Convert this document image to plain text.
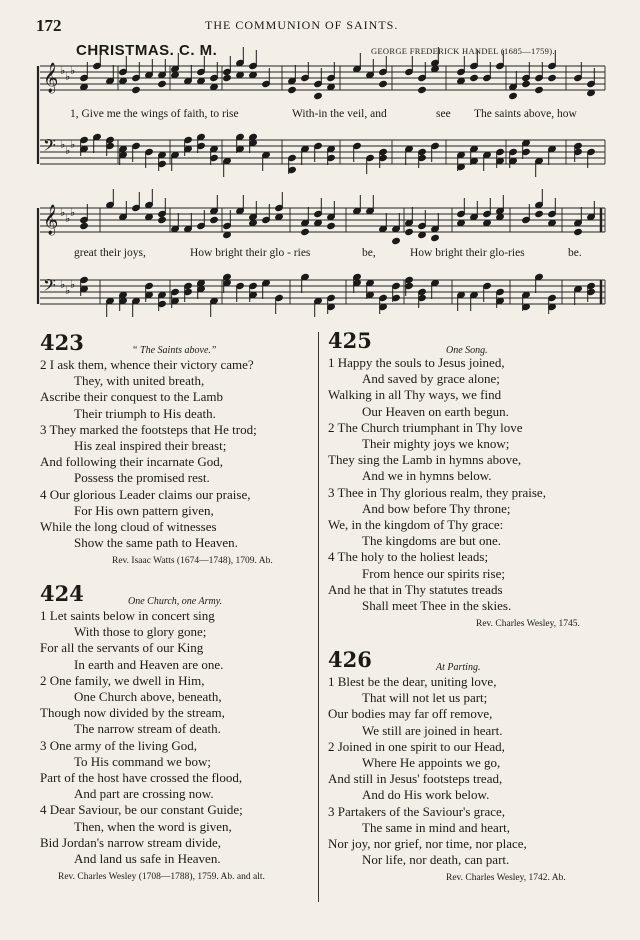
172	THE COMMUNION OF SAINTS.
CHRISTMAS. C. M.	GEORGE FREDERICK HANDEL (1685—1759).
𝄞 ♭ ♭ ♭
𝄢 ♭ ♭ ♭
𝄞 ♭ ♭ ♭
𝄢 ♭ ♭ ♭
1, Give me the wings of faith, to rise	With-in the veil, and	see The saints above, how
great their joys,	How bright their glo - ries	be,	How bright their glo-ries	be.
423	“ The Saints above.”
2 I ask them, whence their victory came?
They, with united breath,
Ascribe their conquest to the Lamb
Their triumph to His death.
3 They marked the footsteps that He trod;
His zeal inspired their breast;
And following their incarnate God,
Possess the promised rest.
4 Our glorious Leader claims our praise,
For His own pattern given,
While the long cloud of witnesses
Show the same path to Heaven.
Rev. Isaac Watts (1674—1748), 1709. Ab.
424	One Church, one Army.
1 Let saints below in concert sing
With those to glory gone;
For all the servants of our King
In earth and Heaven are one.
2 One family, we dwell in Him,
One Church above, beneath,
Though now divided by the stream,
The narrow stream of death.
3 One army of the living God,
To His command we bow;
Part of the host have crossed the flood,
And part are crossing now.
4 Dear Saviour, be our constant Guide;
Then, when the word is given,
Bid Jordan's narrow stream divide,
And land us safe in Heaven.
Rev. Charles Wesley (1708—1788), 1759. Ab. and alt.
425	One Song.
1 Happy the souls to Jesus joined,
And saved by grace alone;
Walking in all Thy ways, we find
Our Heaven on earth begun.
2 The Church triumphant in Thy love
Their mighty joys we know;
They sing the Lamb in hymns above,
And we in hymns below.
3 Thee in Thy glorious realm, they praise,
And bow before Thy throne;
We, in the kingdom of Thy grace:
The kingdoms are but one.
4 The holy to the holiest leads;
From hence our spirits rise;
And he that in Thy statutes treads
Shall meet Thee in the skies.
Rev. Charles Wesley, 1745.
426	At Parting.
1 Blest be the dear, uniting love,
That will not let us part;
Our bodies may far off remove,
We still are joined in heart.
2 Joined in one spirit to our Head,
Where He appoints we go,
And still in Jesus' footsteps tread,
And do His work below.
3 Partakers of the Saviour's grace,
The same in mind and heart,
Nor joy, nor grief, nor time, nor place,
Nor life, nor death, can part.
Rev. Charles Wesley, 1742. Ab.
